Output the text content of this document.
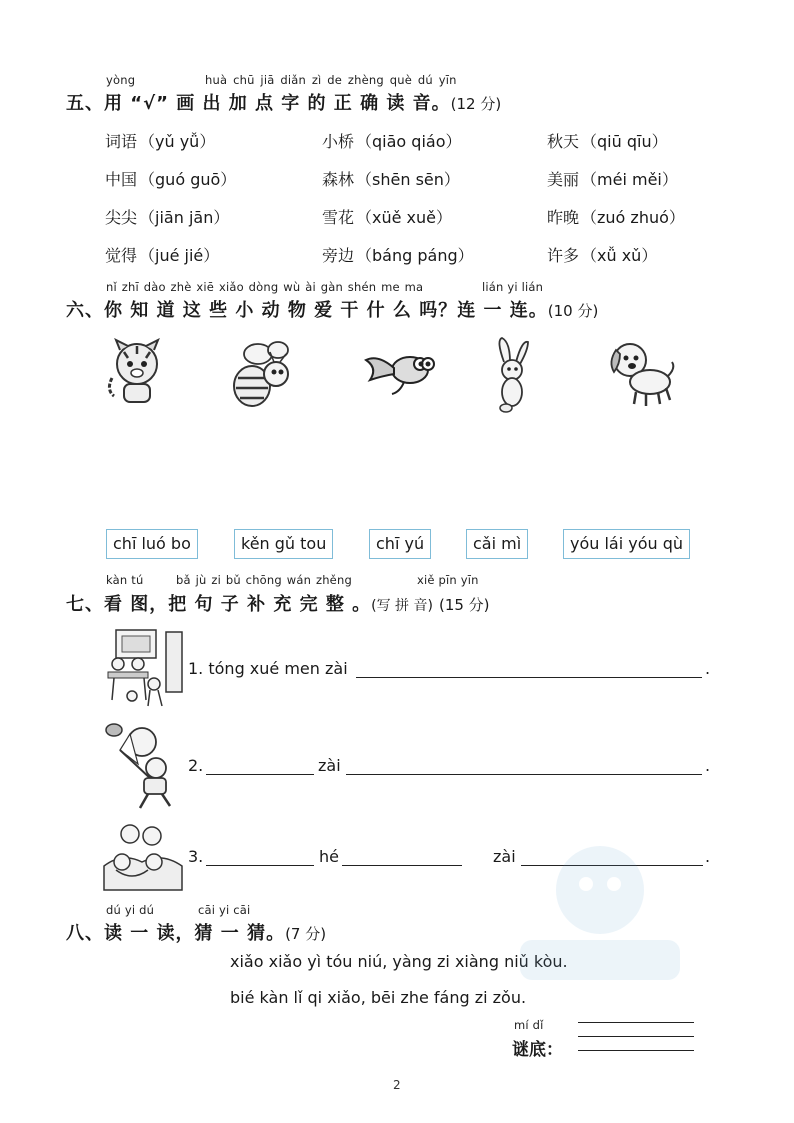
yòng	huà chū jiā diǎn zì de zhèng què dú yīn
五、用 “√” 画 出 加 点 字 的 正 确 读 音。(12 分)
词语 （yǔ yǚ）	小桥 （qiāo qiáo）	秋天 （qiū qīu）
中国 （guó guō）	森林 （shēn sēn）	美丽 （méi měi）
尖尖 （jiān jān）	雪花 （xüě xuě）	昨晚 （zuó zhuó）
觉得 （jué jié）	旁边 （báng páng）	许多 （xǚ xǔ）
nǐ zhī dào zhè xiē xiǎo dòng wù ài gàn shén me ma	lián yi lián
六、你 知 道 这 些 小 动 物 爱 干 什 么 吗？连 一 连。(10 分)
chī luó bo	kěn gǔ tou	chī yú	cǎi mì	yóu lái yóu qù
kàn tú	bǎ jù zi bǔ chōng wán zhěng	xiě pīn yīn
七、看 图，把 句 子 补 充 完 整 。(写 拼 音) (15 分)
1. tóng xué men zài	.
2.	zài	.
3.	hé	zài	.
dú yi dú	cāi yi cāi
八、读 一 读，猜 一 猜。(7 分)
xiǎo xiǎo yì tóu niú, yàng zi xiàng niǔ kòu.
bié kàn lǐ qi xiǎo, bēi zhe fáng zi zǒu.
mí dǐ
谜底：
2
